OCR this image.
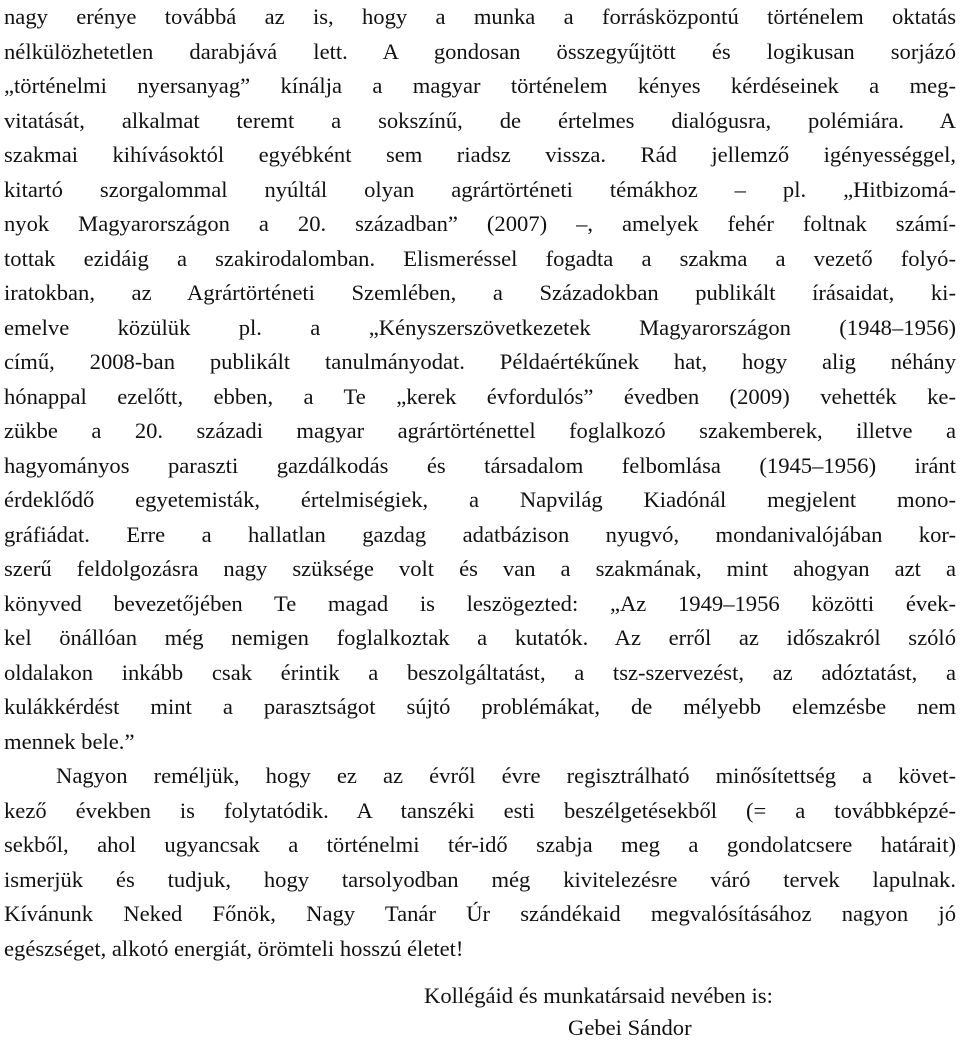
nagy erénye továbbá az is, hogy a munka a forrásközpontú történelem oktatás
nélkülözhetetlen darabjává lett. A gondosan összegyűjtött és logikusan sorjázó
„történelmi nyersanyag” kínálja a magyar történelem kényes kérdéseinek a meg-
vitatását, alkalmat teremt a sokszínű, de értelmes dialógusra, polémiára. A
szakmai kihívásoktól egyébként sem riadsz vissza. Rád jellemző igényességgel,
kitartó szorgalommal nyúltál olyan agrártörténeti témákhoz – pl. „Hitbizomá-
nyok Magyarországon a 20. században” (2007) –, amelyek fehér foltnak számí-
tottak ezidáig a szakirodalomban. Elismeréssel fogadta a szakma a vezető folyó-
iratokban, az Agrártörténeti Szemlében, a Századokban publikált írásaidat, ki-
emelve közülük pl. a „Kényszerszövetkezetek Magyarországon (1948–1956)
című, 2008-ban publikált tanulmányodat. Példaértékűnek hat, hogy alig néhány
hónappal ezelőtt, ebben, a Te „kerek évfordulós” évedben (2009) vehették ke-
zükbe a 20. századi magyar agrártörténettel foglalkozó szakemberek, illetve a
hagyományos paraszti gazdálkodás és társadalom felbomlása (1945–1956) iránt
érdeklődő egyetemisták, értelmiségiek, a Napvilág Kiadónál megjelent mono-
gráfiádat. Erre a hallatlan gazdag adatbázison nyugvó, mondanivalójában kor-
szerű feldolgozásra nagy szüksége volt és van a szakmának, mint ahogyan azt a
könyved bevezetőjében Te magad is leszögezted: „Az 1949–1956 közötti évek-
kel önállóan még nemigen foglalkoztak a kutatók. Az erről az időszakról szóló
oldalakon inkább csak érintik a beszolgáltatást, a tsz-szervezést, az adóztatást, a
kulákkérdést mint a parasztságot sújtó problémákat, de mélyebb elemzésbe nem
mennek bele.”
Nagyon reméljük, hogy ez az évről évre regisztrálható minősítettség a követ-
kező években is folytatódik. A tanszéki esti beszélgetésekből (= a továbbképzé-
sekből, ahol ugyancsak a történelmi tér-idő szabja meg a gondolatcsere határait)
ismerjük és tudjuk, hogy tarsolyodban még kivitelezésre váró tervek lapulnak.
Kívánunk Neked Főnök, Nagy Tanár Úr szándékaid megvalósításához nagyon jó
egészséget, alkotó energiát, örömteli hosszú életet!
Kollégáid és munkatársaid nevében is:
Gebei Sándor
